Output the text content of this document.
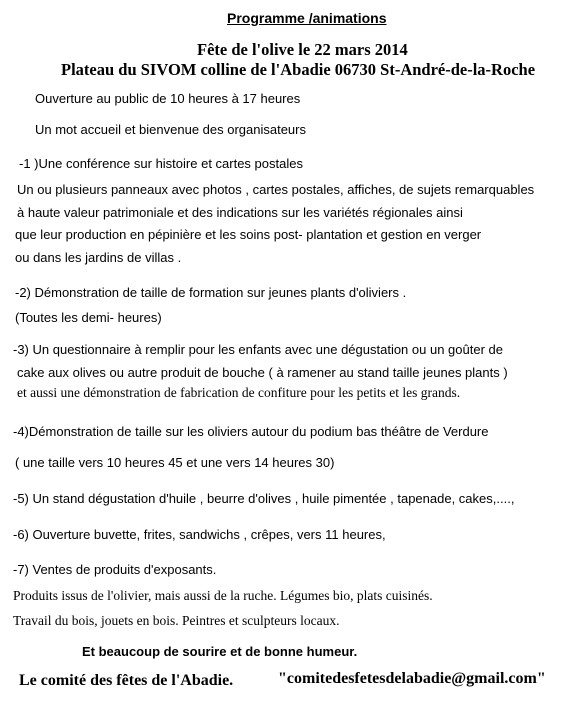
Programme /animations
Fête de l'olive le 22 mars 2014
Plateau du SIVOM colline de l'Abadie 06730 St-André-de-la-Roche
Ouverture au public de 10 heures à 17 heures
Un mot accueil et bienvenue des organisateurs
-1 )Une conférence sur histoire et cartes postales
Un ou plusieurs panneaux avec photos , cartes postales, affiches, de sujets remarquables
à haute valeur patrimoniale et des indications sur les variétés régionales ainsi
que leur production en pépinière et les soins post- plantation et gestion en verger
ou dans les jardins de villas .
-2) Démonstration de taille de formation sur jeunes plants d'oliviers .
(Toutes les demi- heures)
-3) Un questionnaire à remplir pour les enfants avec une dégustation ou un goûter de
cake aux olives ou autre produit de bouche ( à ramener au stand taille jeunes plants )
et aussi une démonstration de fabrication de confiture pour les petits et les grands.
-4)Démonstration de taille sur les oliviers autour du podium bas théâtre de Verdure
( une taille vers 10 heures 45 et une vers 14 heures 30)
-5) Un stand dégustation d'huile , beurre d'olives , huile pimentée , tapenade, cakes,....,
-6) Ouverture buvette, frites, sandwichs , crêpes, vers 11 heures,
-7) Ventes de produits d'exposants.
Produits issus de l'olivier, mais aussi de la ruche. Légumes bio, plats cuisinés.
Travail du bois, jouets en bois. Peintres et sculpteurs locaux.
Et beaucoup de sourire et de bonne humeur.
Le comité des fêtes de l'Abadie.	"comitedesfetesdelabadie@gmail.com"
